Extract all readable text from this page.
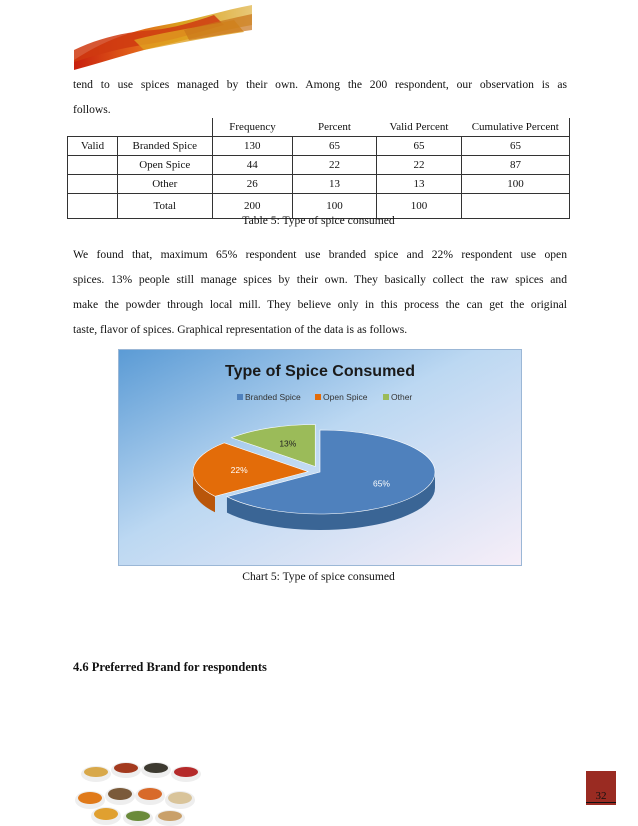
tend to use spices managed by their own. Among the 200 respondent, our observation is as
follows.
		Frequency	Percent	Valid Percent	Cumulative Percent
Valid	Branded Spice	130	65	65	65
	Open Spice	44	22	22	87
	Other	26	13	13	100
	Total	200	100	100	
Table 5: Type of spice consumed
We found that, maximum 65% respondent use branded spice and 22% respondent use open
spices. 13% people still manage spices by their own. They basically collect the raw spices and
make the powder through local mill. They believe only in this process the can get the original
taste, flavor of spices. Graphical representation of the data is as follows.
Type of Spice Consumed
Branded Spice	Open Spice	Other
65%
22%
13%
Chart 5: Type of spice consumed
4.6 Preferred Brand for respondents
32
